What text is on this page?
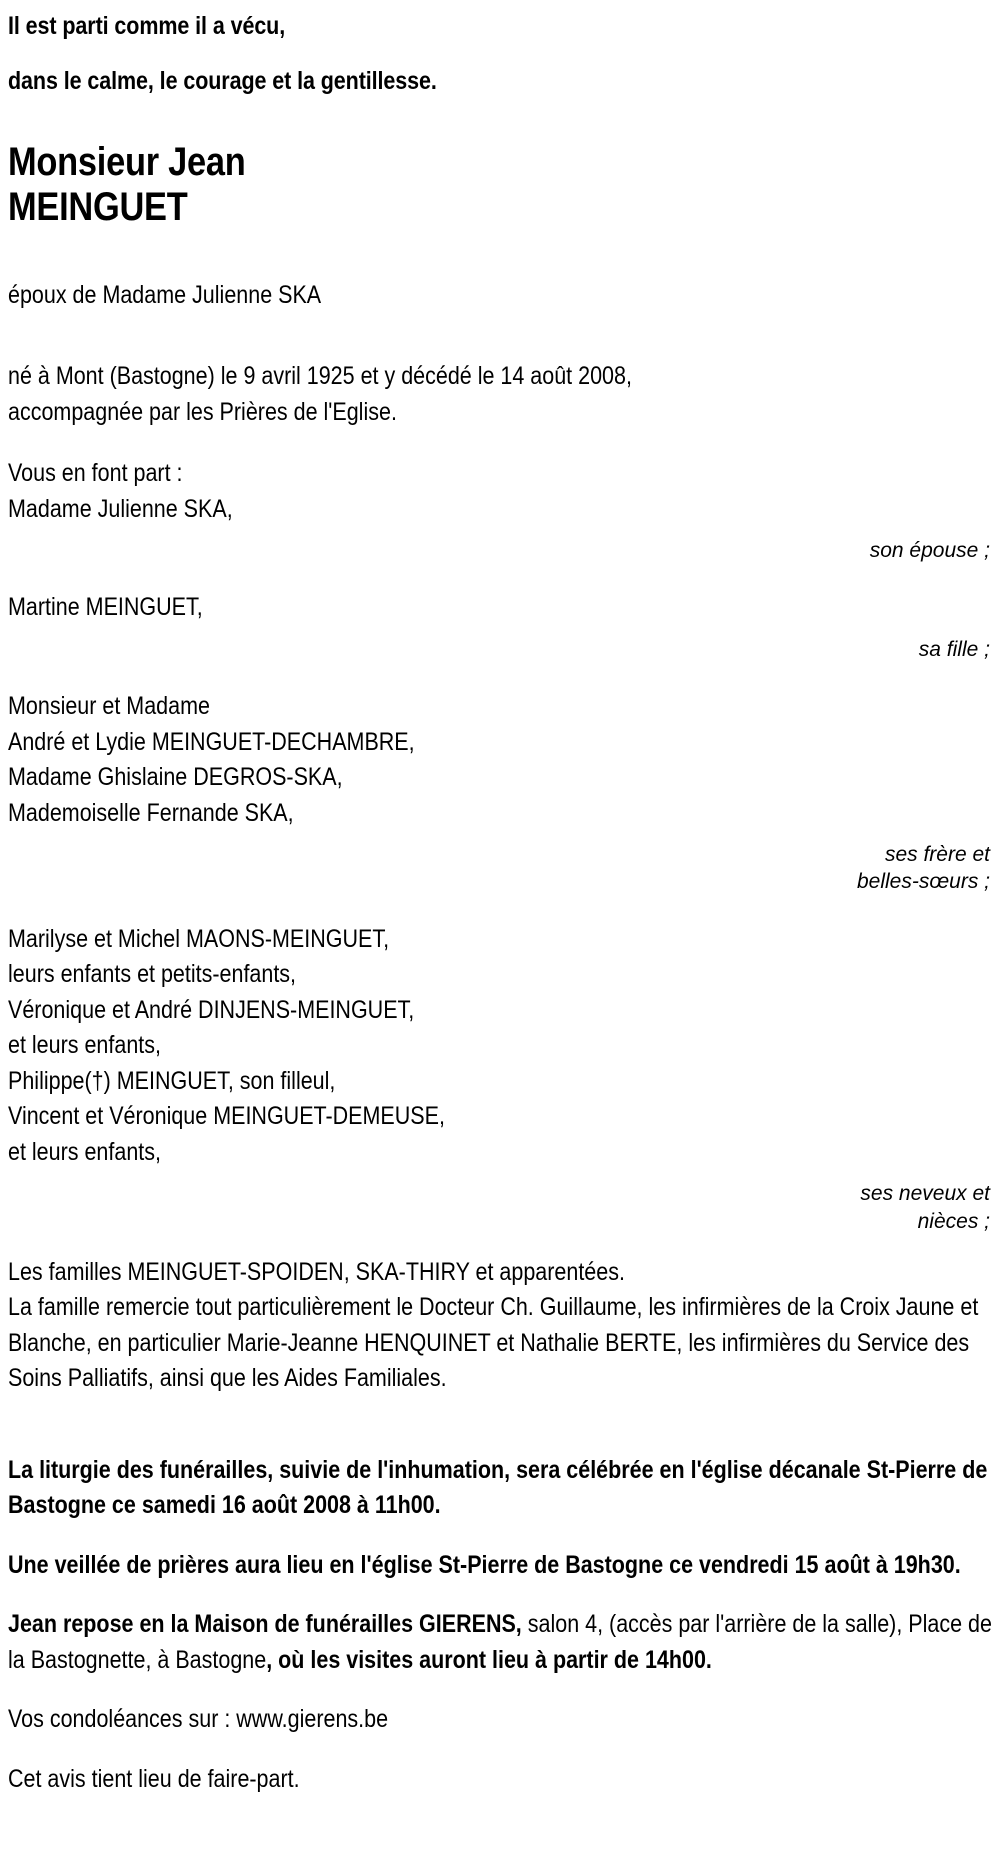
Il est parti comme il a vécu,
dans le calme, le courage et la gentillesse.
Monsieur Jean
MEINGUET
époux de Madame Julienne SKA
né à Mont (Bastogne) le 9 avril 1925 et y décédé le 14 août 2008,
accompagnée par les Prières de l'Eglise.
Vous en font part :
Madame Julienne SKA,
son épouse ;
Martine MEINGUET,
sa fille ;
Monsieur et Madame
André et Lydie MEINGUET-DECHAMBRE,
Madame Ghislaine DEGROS-SKA,
Mademoiselle Fernande SKA,
ses frère et
belles-sœurs ;
Marilyse et Michel MAONS-MEINGUET,
leurs enfants et petits-enfants,
Véronique et André DINJENS-MEINGUET,
et leurs enfants,
Philippe(†) MEINGUET, son filleul,
Vincent et Véronique MEINGUET-DEMEUSE,
et leurs enfants,
ses neveux et
nièces ;
Les familles MEINGUET-SPOIDEN, SKA-THIRY et apparentées.
La famille remercie tout particulièrement le Docteur Ch. Guillaume, les infirmières de la Croix Jaune et Blanche, en particulier Marie-Jeanne HENQUINET et Nathalie BERTE, les infirmières du Service des Soins Palliatifs, ainsi que les Aides Familiales.
La liturgie des funérailles, suivie de l'inhumation, sera célébrée en l'église décanale St-Pierre de Bastogne ce samedi 16 août 2008 à 11h00.
Une veillée de prières aura lieu en l'église St-Pierre de Bastogne ce vendredi 15 août à 19h30.
Jean repose en la Maison de funérailles GIERENS, salon 4, (accès par l'arrière de la salle), Place de la Bastognette, à Bastogne, où les visites auront lieu à partir de 14h00.
Vos condoléances sur : www.gierens.be
Cet avis tient lieu de faire-part.
